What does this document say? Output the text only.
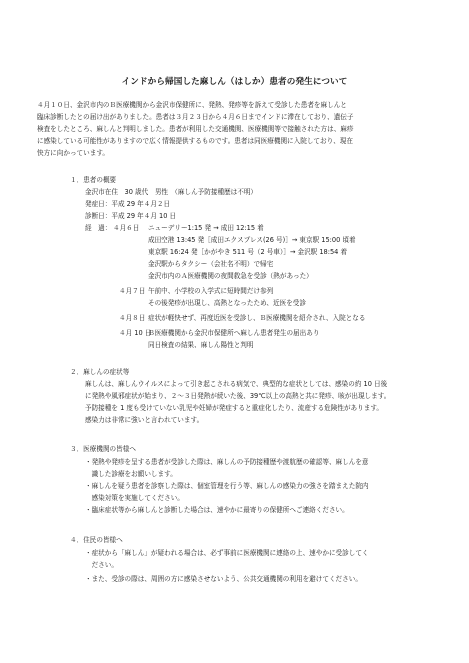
インドから帰国した麻しん（はしか）患者の発生について
４月１０日、金沢市内のＢ医療機関から金沢市保健所に、発熱、発疹等を訴えて受診した患者を麻しんと
臨床診断したとの届け出がありました。患者は３月２３日から４月６日までインドに滞在しており、遺伝子
検査をしたところ、麻しんと判明しました。患者が利用した交通機関、医療機関等で接触された方は、麻疹
に感染している可能性がありますので広く情報提供するものです。患者は同医療機関に入院しており、現在
快方に向かっています。
１．患者の概要
金沢市在住　30 歳代　男性　（麻しん予防接種歴は不明）
発症日：平成 29 年４月２日
診断日：平成 29 年４月 10 日
経　過： ４月６日 ニューデリー1:15 発 → 成田 12:15 着
成田空港 13:45 発［成田エクスプレス(26 号)］→ 東京駅 15:00 頃着
東京駅 16:24 発［かがやき 511 号（2 号車）］→ 金沢駅 18:54 着
金沢駅からタクシー（会社名不明）で帰宅
金沢市内のＡ医療機関の夜間救急を受診（熱があった）
４月７日 午前中、小学校の入学式に短時間だけ参列
その後発疹が出現し、高熱となったため、近医を受診
４月８日 症状が軽快せず、再度近医を受診し、Ｂ医療機関を紹介され、入院となる
４月 10 日
Ｂ医療機関から金沢市保健所へ麻しん患者発生の届出あり
同日検査の結果、麻しん陽性と判明
２．麻しんの症状等
麻しんは、麻しんウイルスによって引き起こされる病気で、典型的な症状としては、感染の約 10 日後
に発熱や風邪症状が始まり、２～３日発熱が続いた後、39℃以上の高熱と共に発疹、咳が出現します。
予防接種を 1 度も受けていない乳児や妊婦が発症すると重症化したり、流産する危険性があります。
感染力は非常に強いと言われています。
３．医療機関の皆様へ
・発熱や発疹を呈する患者が受診した際は、麻しんの予防接種歴や渡航歴の確認等、麻しんを意
　識した診療をお願いします。
・麻しんを疑う患者を診察した際は、個室管理を行う等、麻しんの感染力の強さを踏まえた院内
　感染対策を実施してください。
・臨床症状等から麻しんと診断した場合は、速やかに最寄りの保健所へご連絡ください。
４．住民の皆様へ
・症状から「麻しん」が疑われる場合は、必ず事前に医療機関に連絡の上、速やかに受診してく
　ださい。
・また、受診の際は、周囲の方に感染させないよう、公共交通機関の利用を避けてください。
